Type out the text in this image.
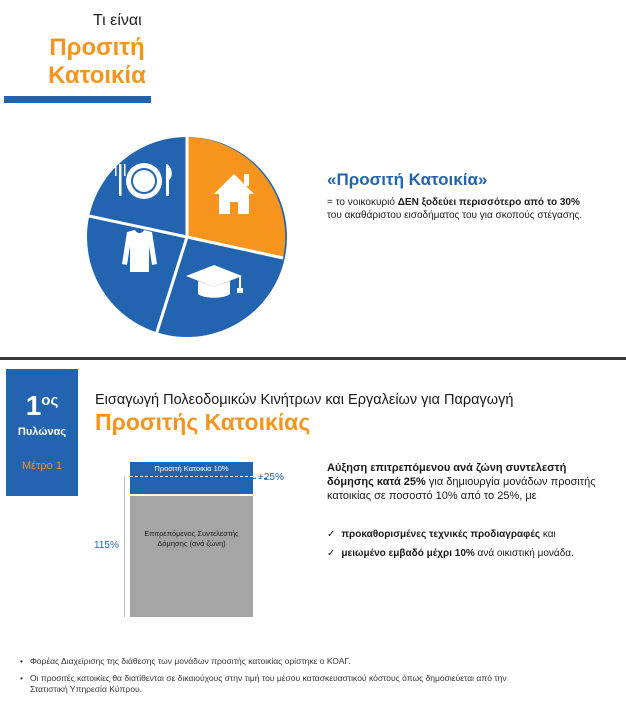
Τι είναι
Προσιτή
Κατοικία
«Προσιτή Κατοικία»
= το νοικοκυριό ΔΕΝ ξοδεύει περισσότερο από το 30%
του ακαθάριστου εισοδήματος του για σκοπούς στέγασης.
$1^{o\varsigma}$
Πυλώνας
Μέτρο 1
Εισαγωγή Πολεοδομικών Κινήτρων και Εργαλείων για Παραγωγή
Προσιτής Κατοικίας
Προσιτή Κατοικία 10%
Επιτρεπόμενος Συντελεστής
Δόμησης (ανά ζώνη)
+25%
115%
Αύξηση επιτρεπόμενου ανά ζώνη συντελεστή δόμησης κατά 25% για δημιουργία μονάδων προσιτής κατοικίας σε ποσοστό 10% από το 25%, με
✓ προκαθορισμένες τεχνικές προδιαγραφές και
✓ μειωμένο εμβαδό μέχρι 10% ανά οικιστική μονάδα.
• Φορέας Διαχείρισης της διάθεσης των μονάδων προσιτής κατοικίας ορίστηκε ο ΚΟΑΓ.
• Οι προσιτές κατοικίες θα διατίθενται σε δικαιούχους στην τιμή του μέσου κατασκευαστικού κόστους όπως δημοσιεύεται από την
Στατιστική Υπηρεσία Κύπρου.
